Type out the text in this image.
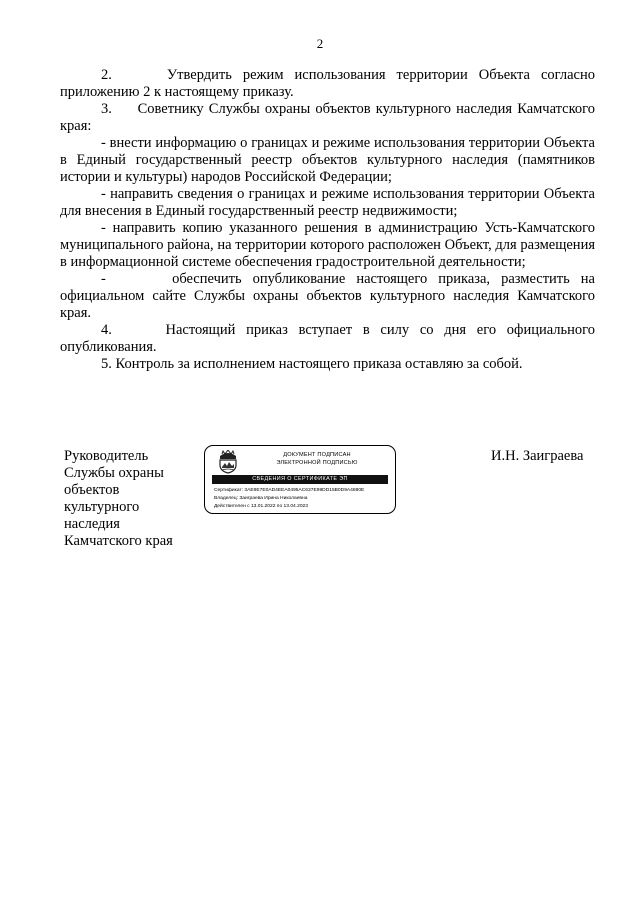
2

2.     Утвердить режим использования территории Объекта согласно приложению 2 к настоящему приказу.

3.     Советнику Службы охраны объектов культурного наследия Камчатского края:

- внести информацию о границах и режиме использования территории Объекта в Единый государственный реестр объектов культурного наследия (памятников истории и культуры) народов Российской Федерации;

- направить сведения о границах и режиме использования территории Объекта для внесения в Единый государственный реестр недвижимости;

- направить копию указанного решения в администрацию Усть-Камчатского муниципального района, на территории которого расположен Объект, для размещения в информационной системе обеспечения градостроительной деятельности;

-      обеспечить опубликование настоящего приказа, разместить на официальном сайте Службы охраны объектов культурного наследия Камчатского края.

4.     Настоящий приказ вступает в силу со дня его официального опубликования.

5. Контроль за исполнением настоящего приказа оставляю за собой.

Руководитель
Службы охраны
объектов
культурного
наследия
Камчатского края
ДОКУМЕНТ ПОДПИСАН
ЭЛЕКТРОННОЙ ПОДПИСЬЮ
СВЕДЕНИЯ О СЕРТИФИКАТЕ ЭП
Сертификат: 3AE9E7E0AD4EEA0495AC637E99DD15B0D9A4880E
Владелец: Заиграева Ирина Николаевна
Действителен с 13.01.2022 по 13.04.2023
И.Н. Заиграева
